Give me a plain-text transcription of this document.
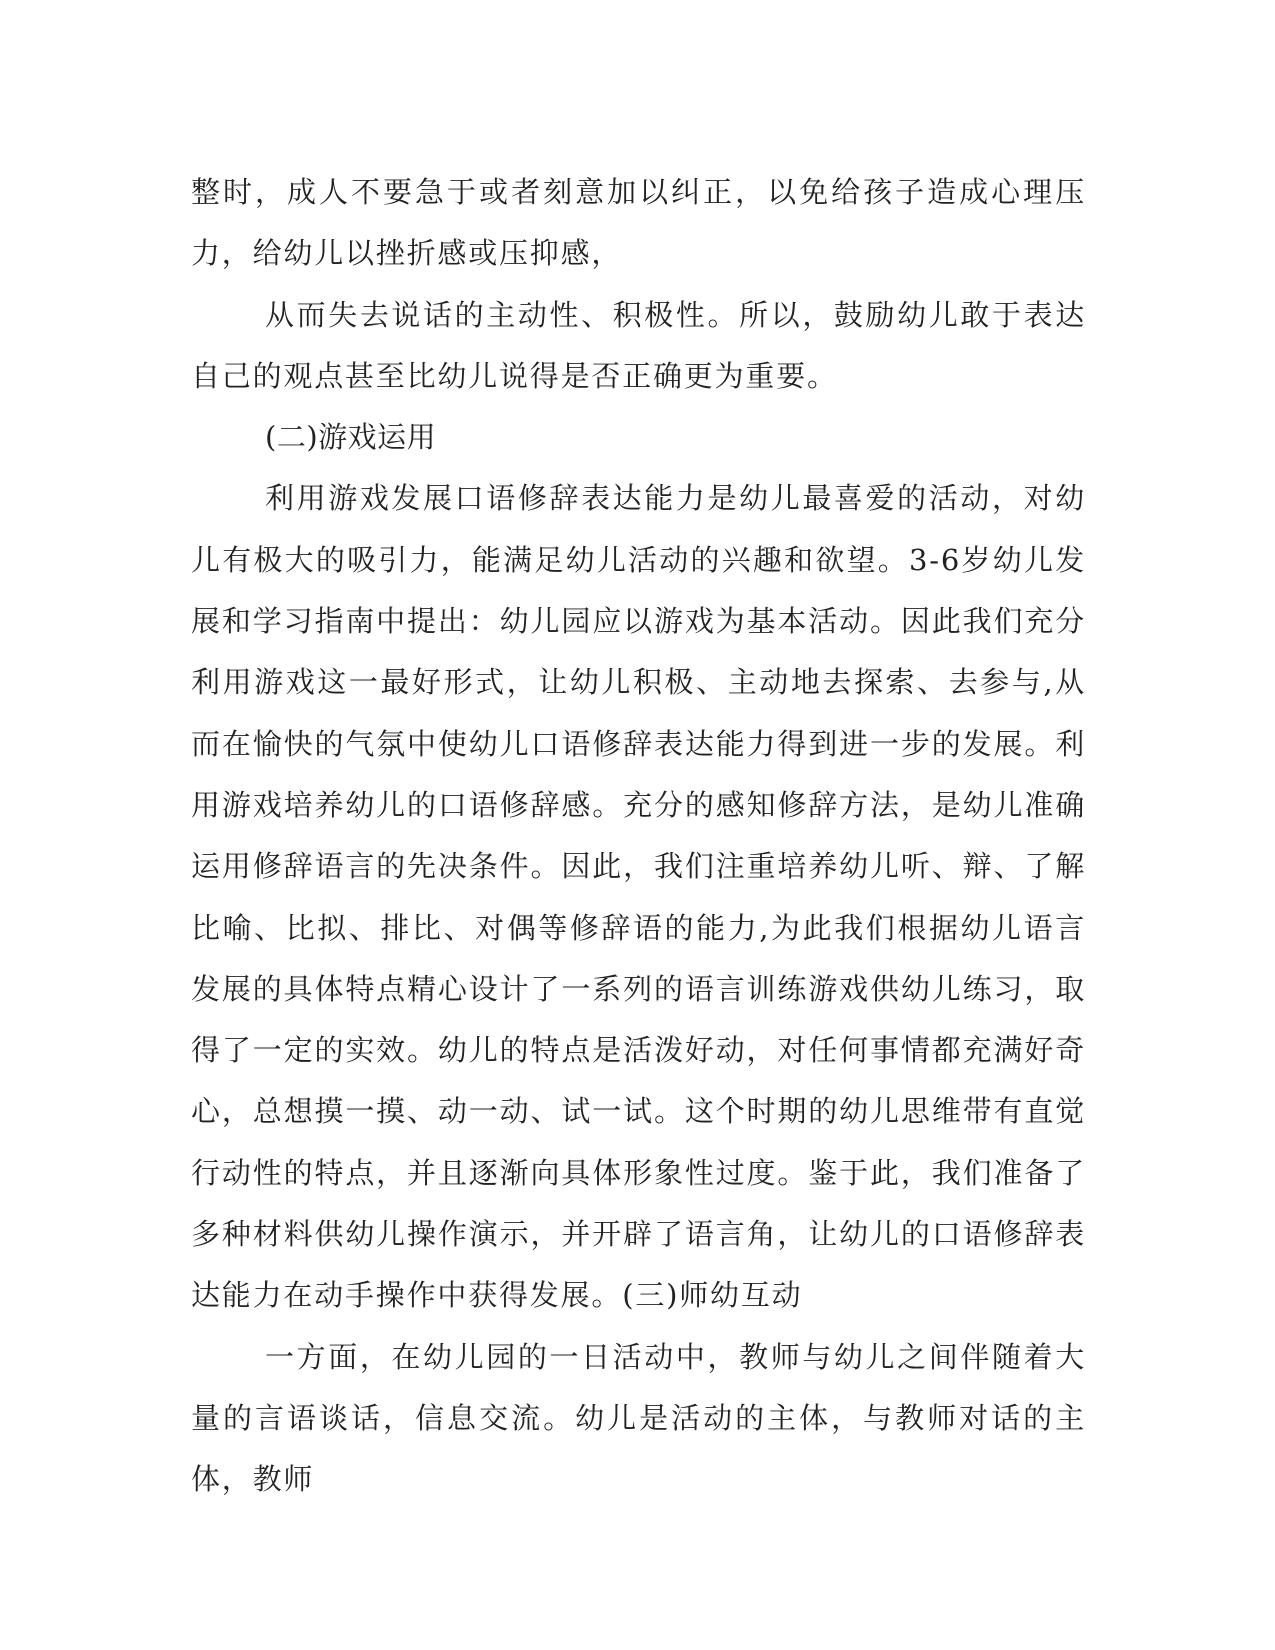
整时，成人不要急于或者刻意加以纠正，以免给孩子造成心理压力，给幼儿以挫折感或压抑感，

从而失去说话的主动性、积极性。所以，鼓励幼儿敢于表达自己的观点甚至比幼儿说得是否正确更为重要。

(二)游戏运用

利用游戏发展口语修辞表达能力是幼儿最喜爱的活动，对幼儿有极大的吸引力，能满足幼儿活动的兴趣和欲望。3-6岁幼儿发展和学习指南中提出：幼儿园应以游戏为基本活动。因此我们充分利用游戏这一最好形式，让幼儿积极、主动地去探索、去参与,从而在愉快的气氛中使幼儿口语修辞表达能力得到进一步的发展。利用游戏培养幼儿的口语修辞感。充分的感知修辞方法，是幼儿准确运用修辞语言的先决条件。因此，我们注重培养幼儿听、辩、了解比喻、比拟、排比、对偶等修辞语的能力,为此我们根据幼儿语言发展的具体特点精心设计了一系列的语言训练游戏供幼儿练习，取得了一定的实效。幼儿的特点是活泼好动，对任何事情都充满好奇心，总想摸一摸、动一动、试一试。这个时期的幼儿思维带有直觉行动性的特点，并且逐渐向具体形象性过度。鉴于此，我们准备了多种材料供幼儿操作演示，并开辟了语言角，让幼儿的口语修辞表达能力在动手操作中获得发展。(三)师幼互动

一方面，在幼儿园的一日活动中，教师与幼儿之间伴随着大量的言语谈话，信息交流。幼儿是活动的主体，与教师对话的主体，教师
